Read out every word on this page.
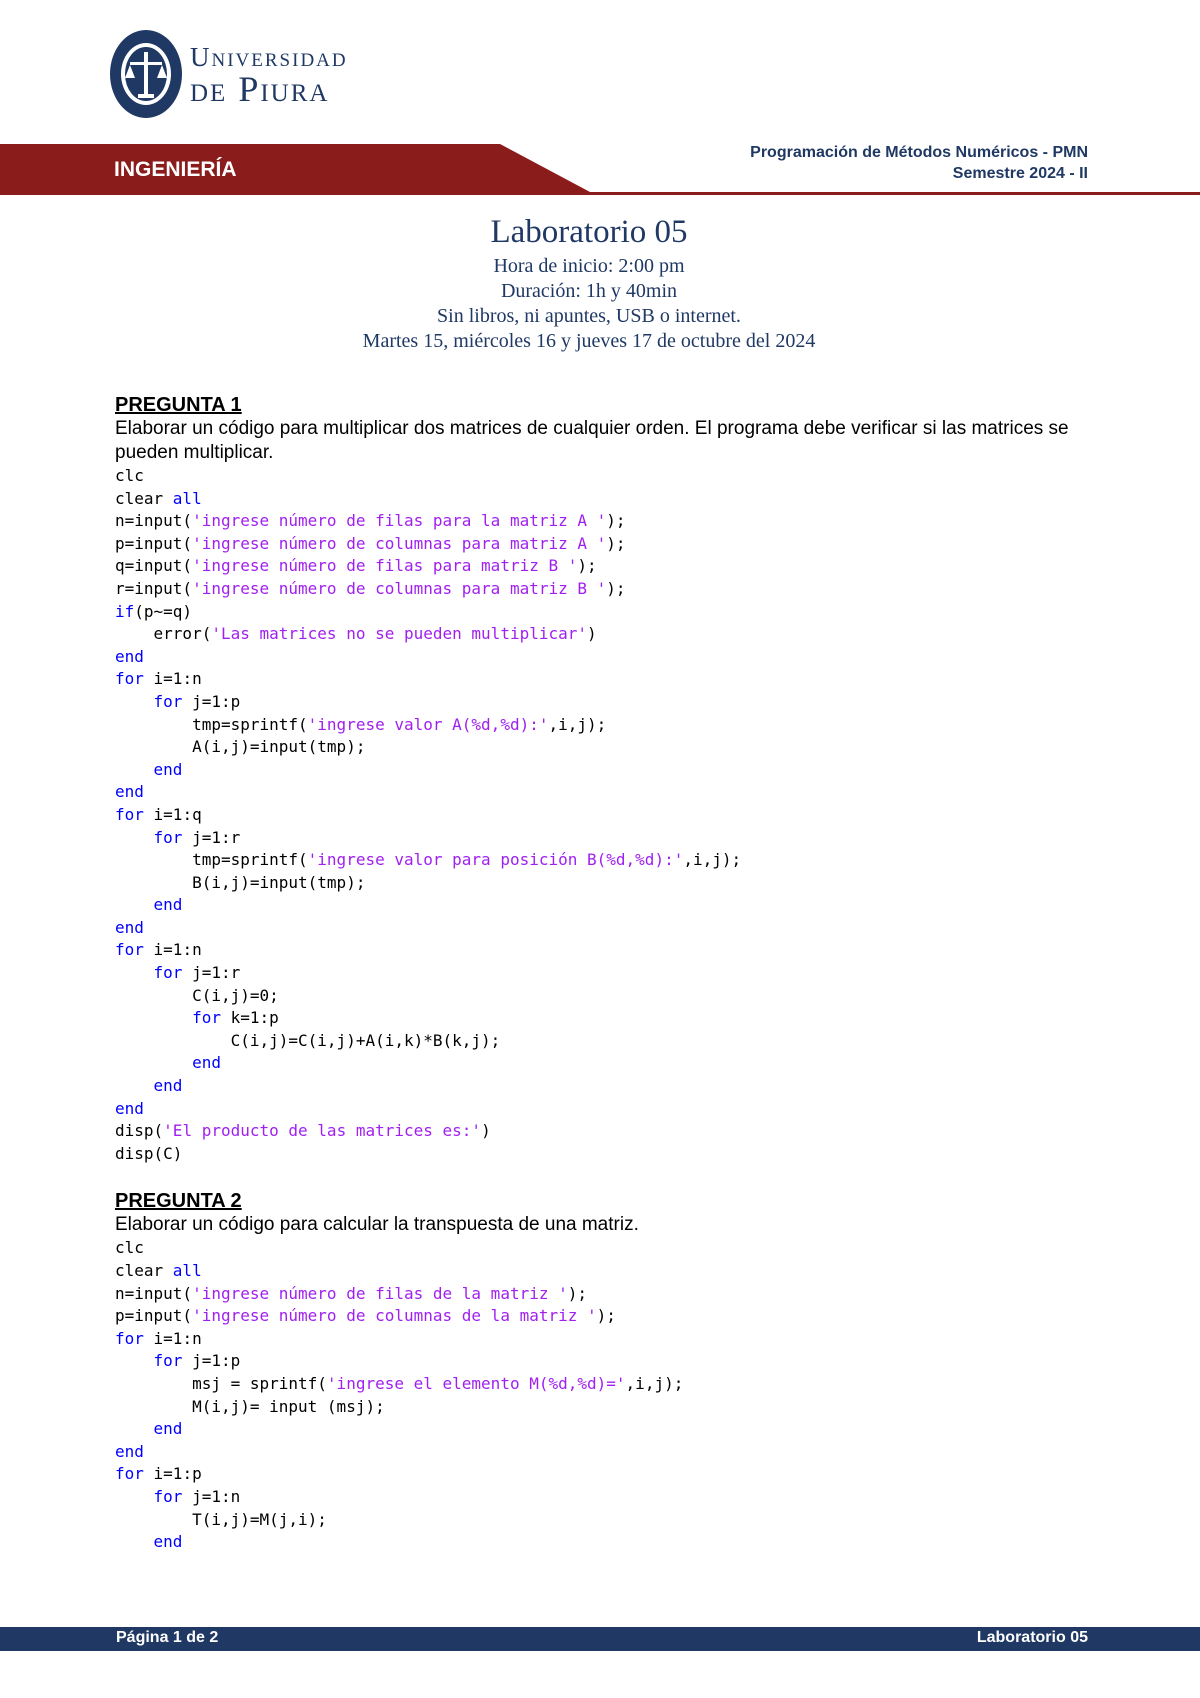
Universidad
de Piura
INGENIERÍA
Programación de Métodos Numéricos - PMN
Semestre 2024 - II
Laboratorio 05
Hora de inicio: 2:00 pm
Duración: 1h y 40min
Sin libros, ni apuntes, USB o internet.
Martes 15, miércoles 16 y jueves 17 de octubre del 2024
PREGUNTA 1

Elaborar un código para multiplicar dos matrices de cualquier orden. El programa debe verificar si las matrices se pueden multiplicar.

clc
clear all
n=input('ingrese número de filas para la matriz A ');
p=input('ingrese número de columnas para matriz A ');
q=input('ingrese número de filas para matriz B ');
r=input('ingrese número de columnas para matriz B ');
if(p~=q)
error('Las matrices no se pueden multiplicar')
end
for i=1:n
for j=1:p
tmp=sprintf('ingrese valor A(%d,%d):',i,j);
A(i,j)=input(tmp);
end
end
for i=1:q
for j=1:r
tmp=sprintf('ingrese valor para posición B(%d,%d):',i,j);
B(i,j)=input(tmp);
end
end
for i=1:n
for j=1:r
C(i,j)=0;
for k=1:p
C(i,j)=C(i,j)+A(i,k)*B(k,j);
end
end
end
disp('El producto de las matrices es:')
disp(C)
PREGUNTA 2

Elaborar un código para calcular la transpuesta de una matriz.

clc
clear all
n=input('ingrese número de filas de la matriz ');
p=input('ingrese número de columnas de la matriz ');
for i=1:n
for j=1:p
msj = sprintf('ingrese el elemento M(%d,%d)=',i,j);
M(i,j)= input (msj);
end
end
for i=1:p
for j=1:n
T(i,j)=M(j,i);
end
Página 1 de 2	Laboratorio 05
